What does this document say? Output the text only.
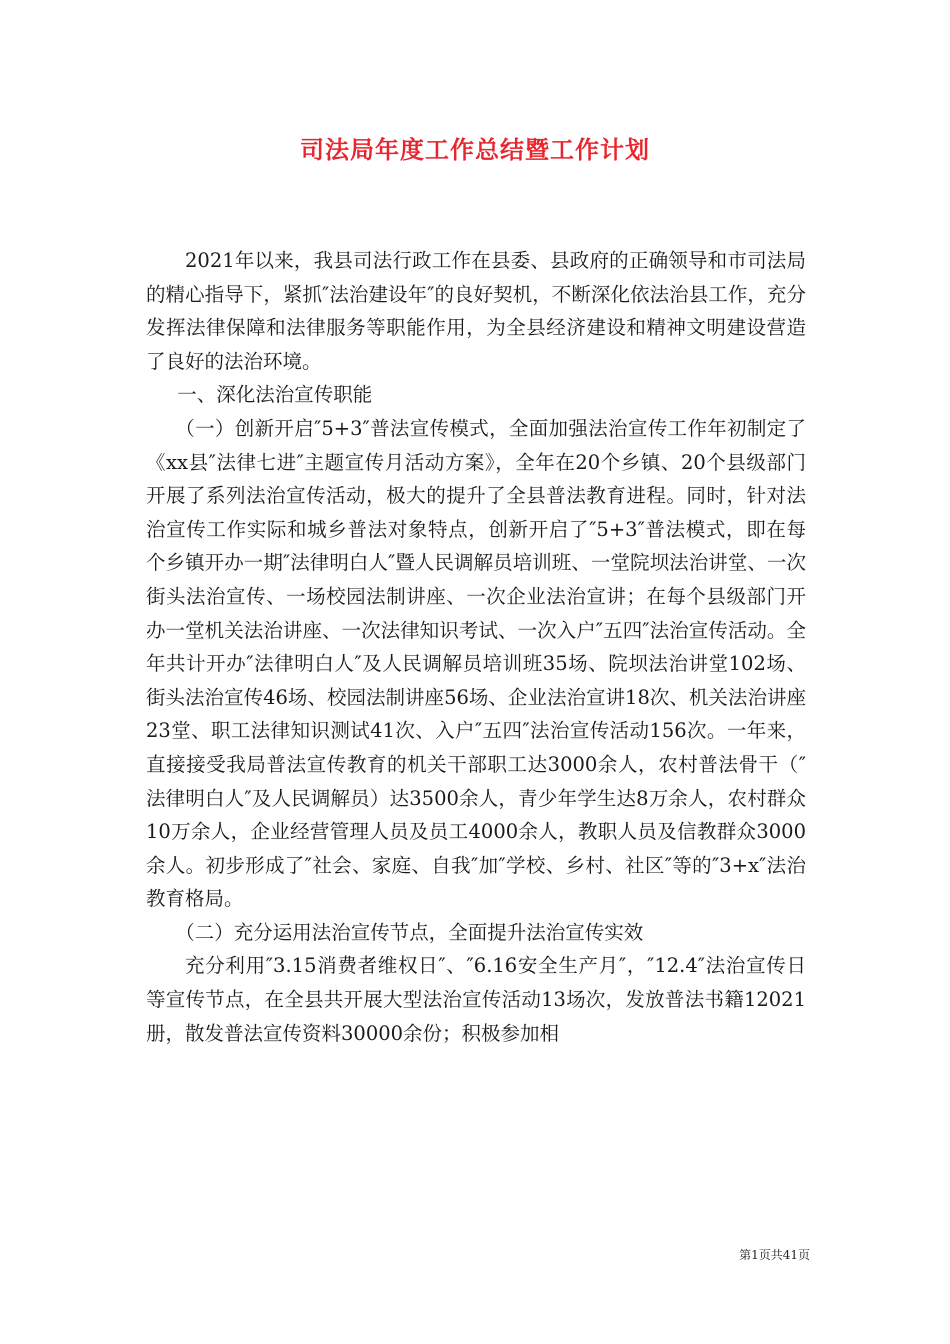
司法局年度工作总结暨工作计划

2021年以来，我县司法行政工作在县委、县政府的正确领导和市司法局的精心指导下，紧抓″法治建设年″的良好契机，不断深化依法治县工作，充分发挥法律保障和法律服务等职能作用，为全县经济建设和精神文明建设营造了良好的法治环境。

一、深化法治宣传职能

（一）创新开启″5+3″普法宣传模式，全面加强法治宣传工作年初制定了《xx县″法律七进″主题宣传月活动方案》，全年在20个乡镇、20个县级部门开展了系列法治宣传活动，极大的提升了全县普法教育进程。同时，针对法治宣传工作实际和城乡普法对象特点，创新开启了″5+3″普法模式，即在每个乡镇开办一期″法律明白人″暨人民调解员培训班、一堂院坝法治讲堂、一次街头法治宣传、一场校园法制讲座、一次企业法治宣讲；在每个县级部门开办一堂机关法治讲座、一次法律知识考试、一次入户″五四″法治宣传活动。全年共计开办″法律明白人″及人民调解员培训班35场、院坝法治讲堂102场、街头法治宣传46场、校园法制讲座56场、企业法治宣讲18次、机关法治讲座23堂、职工法律知识测试41次、入户″五四″法治宣传活动156次。一年来，直接接受我局普法宣传教育的机关干部职工达3000余人，农村普法骨干（″法律明白人″及人民调解员）达3500余人，青少年学生达8万余人，农村群众10万余人，企业经营管理人员及员工4000余人，教职人员及信教群众3000余人。初步形成了″社会、家庭、自我″加″学校、乡村、社区″等的″3+x″法治教育格局。

（二）充分运用法治宣传节点，全面提升法治宣传实效

充分利用″3.15消费者维权日″、″6.16安全生产月″，″12.4″法治宣传日等宣传节点，在全县共开展大型法治宣传活动13场次，发放普法书籍12021册，散发普法宣传资料30000余份；积极参加相

第1页共41页
